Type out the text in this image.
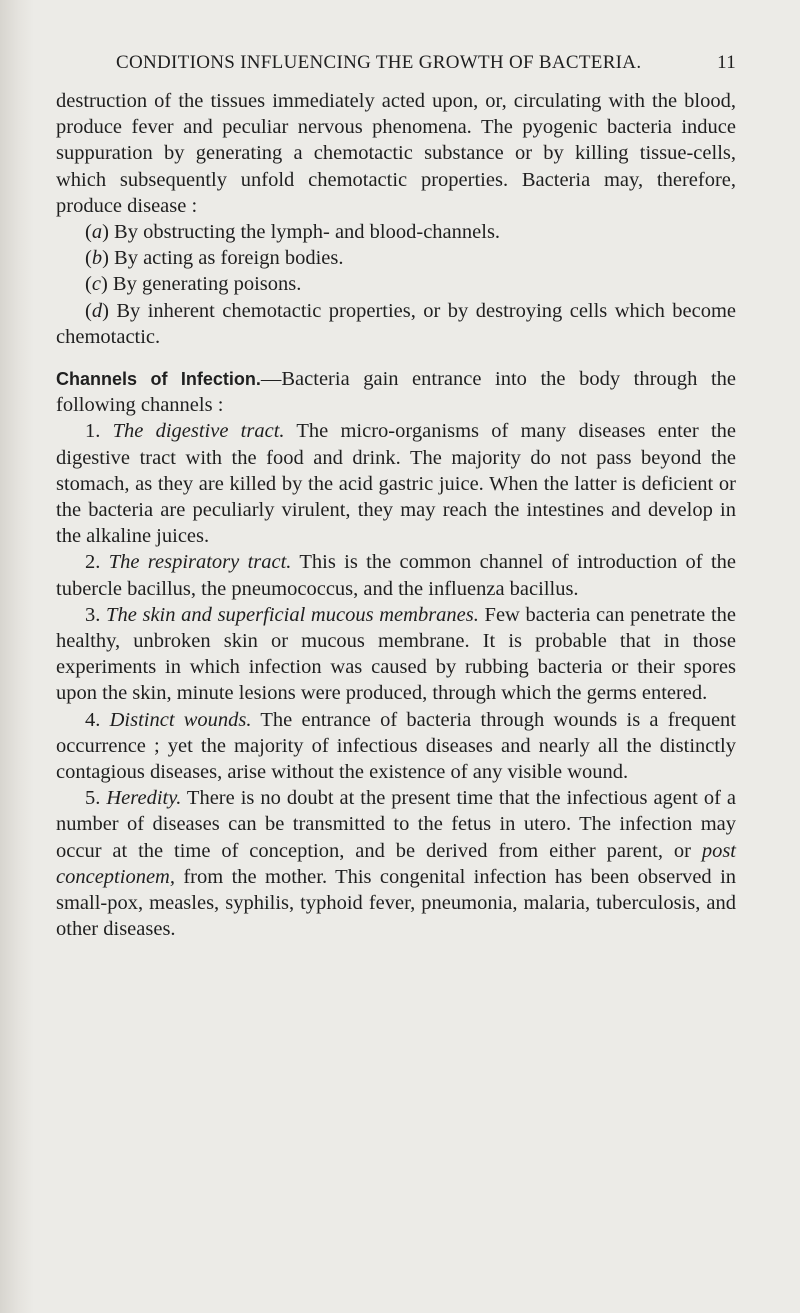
CONDITIONS INFLUENCING THE GROWTH OF BACTERIA.	11

destruction of the tissues immediately acted upon, or, circulating with the blood, produce fever and peculiar nervous phenomena. The pyogenic bacteria induce suppuration by generating a chemotactic substance or by killing tissue-cells, which subsequently unfold chemotactic properties. Bacteria may, therefore, produce disease :

(a) By obstructing the lymph- and blood-channels.

(b) By acting as foreign bodies.

(c) By generating poisons.

(d) By inherent chemotactic properties, or by destroying cells which become chemotactic.

Channels of Infection.—Bacteria gain entrance into the body through the following channels :

1. The digestive tract. The micro-organisms of many diseases enter the digestive tract with the food and drink. The majority do not pass beyond the stomach, as they are killed by the acid gastric juice. When the latter is deficient or the bacteria are peculiarly virulent, they may reach the intestines and develop in the alkaline juices.

2. The respiratory tract. This is the common channel of introduction of the tubercle bacillus, the pneumococcus, and the influenza bacillus.

3. The skin and superficial mucous membranes. Few bacteria can penetrate the healthy, unbroken skin or mucous membrane. It is probable that in those experiments in which infection was caused by rubbing bacteria or their spores upon the skin, minute lesions were produced, through which the germs entered.

4. Distinct wounds. The entrance of bacteria through wounds is a frequent occurrence ; yet the majority of infectious diseases and nearly all the distinctly contagious diseases, arise without the existence of any visible wound.

5. Heredity. There is no doubt at the present time that the infectious agent of a number of diseases can be transmitted to the fetus in utero. The infection may occur at the time of conception, and be derived from either parent, or post conceptionem, from the mother. This congenital infection has been observed in small-pox, measles, syphilis, typhoid fever, pneumonia, malaria, tuberculosis, and other diseases.
